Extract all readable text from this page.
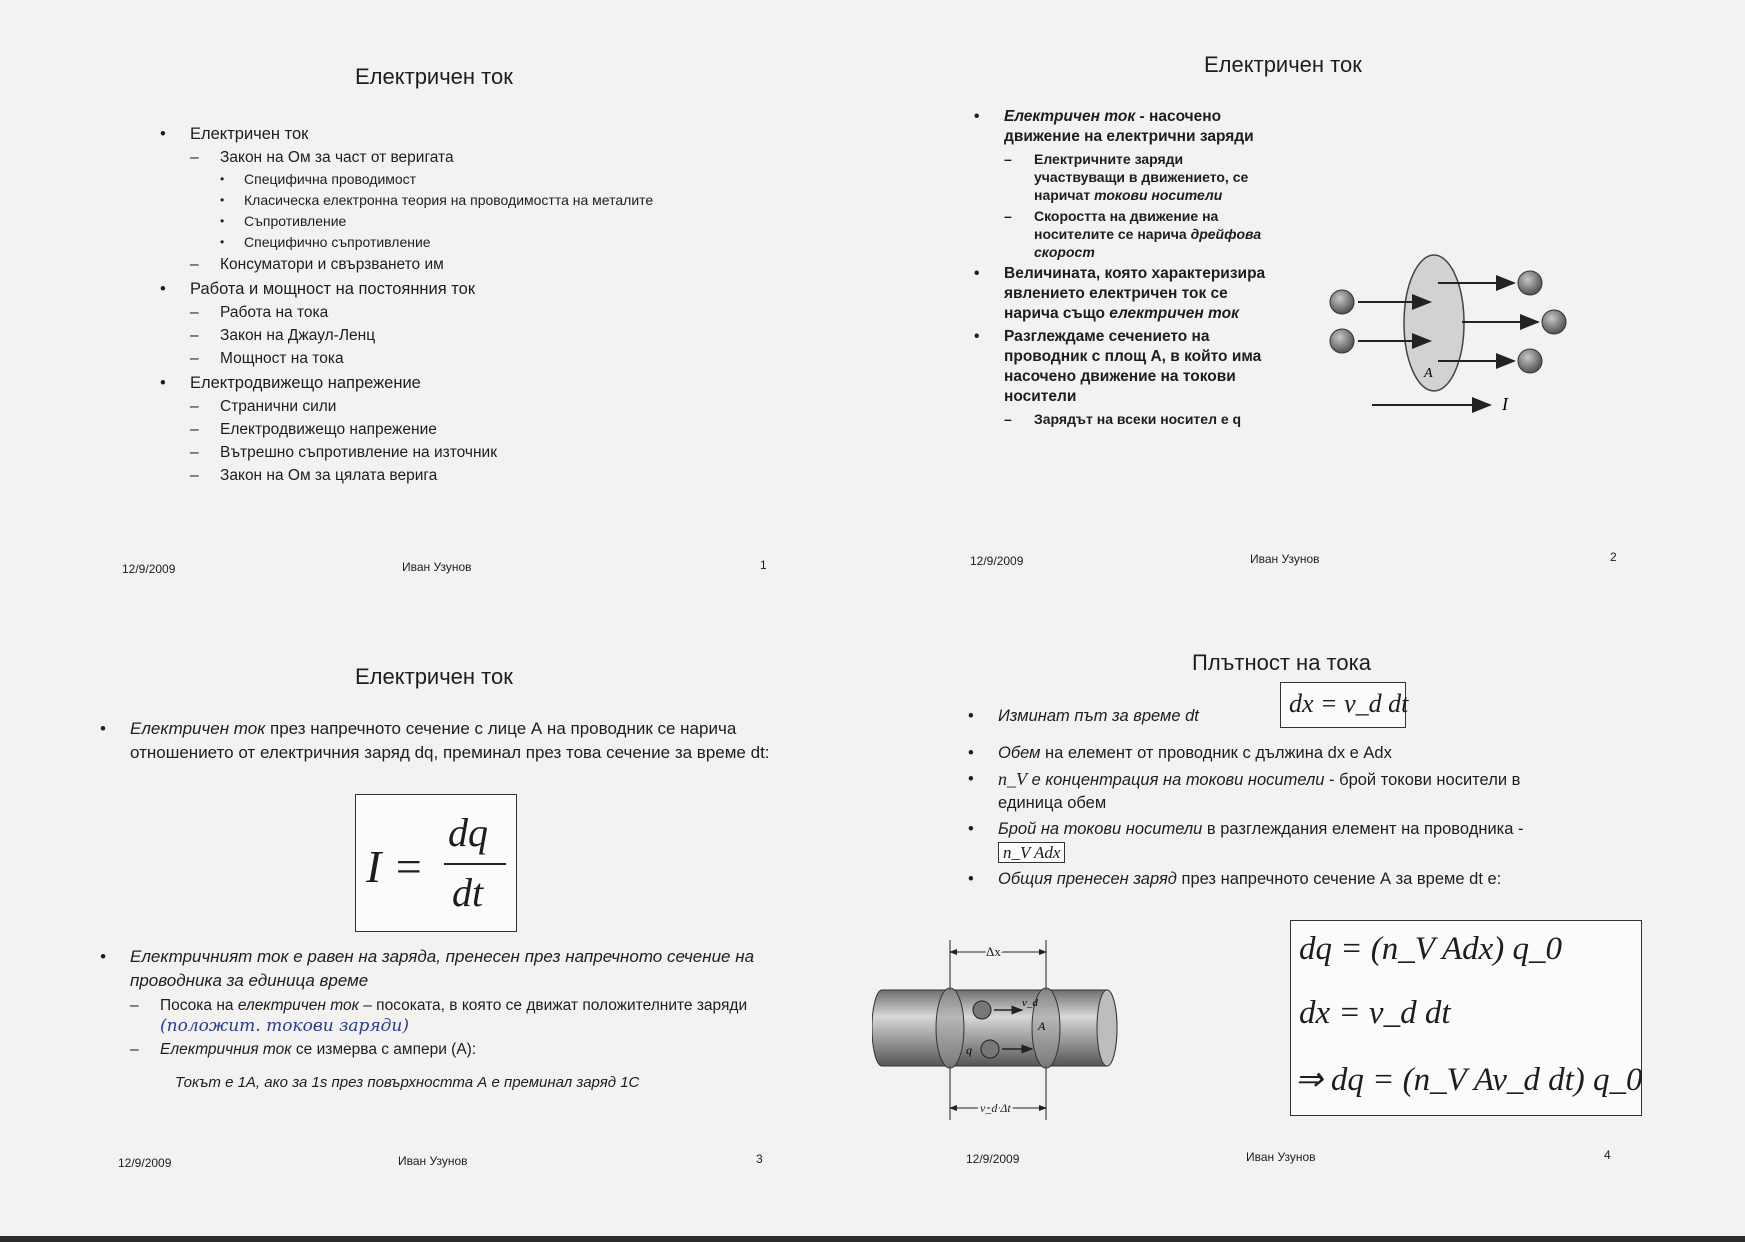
Електричен ток
• Електричен ток
– Закон на Ом за част от веригата
• Специфична проводимост
• Класическа електронна теория на проводимостта на металите
• Съпротивление
• Специфично съпротивление
– Консуматори и свързването им
• Работа и мощност на постоянния ток
– Работа на тока
– Закон на Джаул-Ленц
– Мощност на тока
• Електродвижещо напрежение
– Странични сили
– Електродвижещо напрежение
– Вътрешно съпротивление на източник
– Закон на Ом за цялата верига
12/9/2009	Иван Узунов	1
Електричен ток
• Електричен ток - насочено движение на електрични заряди
– Електричните заряди участвуващи в движението, се наричат токови носители
– Скоростта на движение на носителите се нарича дрейфова скорост
• Величината, която характеризира явлението електричен ток се нарича също електричен ток
• Разглеждаме сечението на проводник с площ А, в който има насочено движение на токови носители
– Зарядът на всеки носител е q
A
I
12/9/2009	Иван Узунов	2
Електричен ток
• Електричен ток през напречното сечение с лице А на проводник се нарича отношението от електричния заряд dq, преминал през това сечение за време dt:
I =
dq
dt
• Електричният ток е равен на заряда, пренесен през напречното сечение на проводника за единица време
– Посока на електричен ток – посоката, в която се движат положителните заряди (положит. токови заряди)
– Електричния ток се измерва с ампери (А):
Токът е 1А, ако за 1s през повърхността А е преминал заряд 1С
12/9/2009	Иван Узунов	3
Плътност на тока
• Изминат път за време dt
• Обем на елемент от проводник с дължина dx е Adx
• n_V е концентрация на токови носители - брой токови носители в единица обем
• Брой на токови носители в разглеждания елемент на проводника - n_V Adx
• Общия пренесен заряд през напречното сечение А за време dt е:
dx = v_d dt
Δx
v_d
q
A
v_d Δt
dq = (n_V Adx) q_0
dx = v_d dt
⇒ dq = (n_V Av_d dt) q_0
12/9/2009	Иван Узунов	4
